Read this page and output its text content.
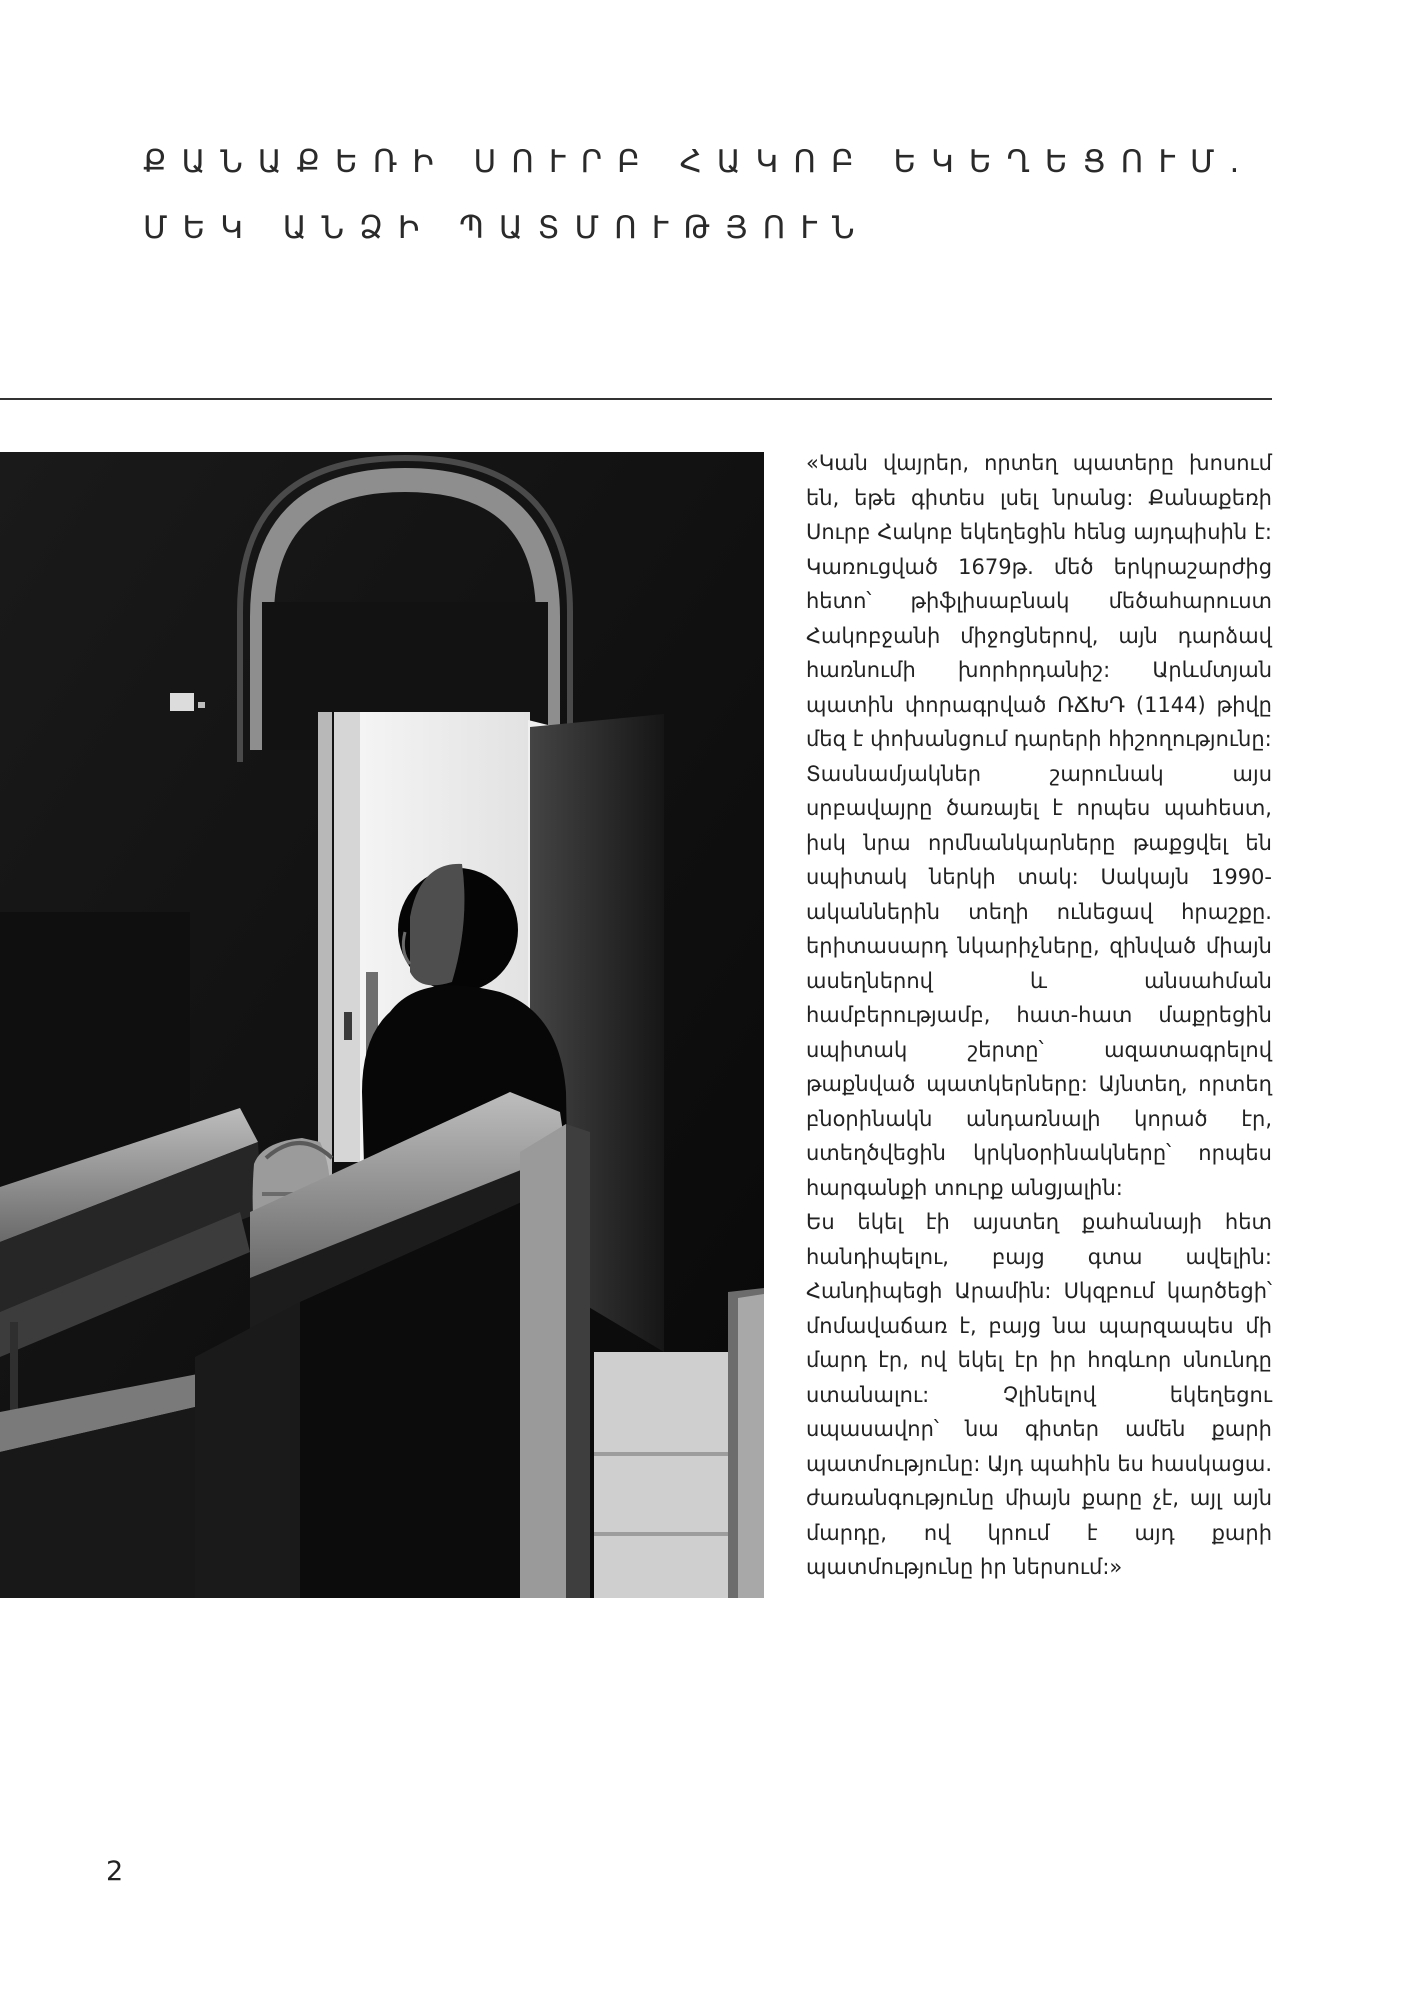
ՔԱՆԱՔԵՌԻ ՍՈՒՐԲ ՀԱԿՈԲ ԵԿԵՂԵՑՈՒՄ.
ՄԵԿ ԱՆՁԻ ՊԱՏՄՈՒԹՅՈՒՆ

«Կան վայրեր, որտեղ պատերը խոսում են, եթե գիտես լսել նրանց: Քանաքեռի Սուրբ Հակոբ եկեղեցին հենց այդպիսին է: Կառուցված 1679թ. մեծ երկրաշարժից հետո՝ թիֆլիսաբնակ մեծահարուստ Հակոբջանի միջոցներով, այն դարձավ հառնումի խորհրդանիշ: Արևմտյան պատին փորագրված ՌՃԽԴ (1144) թիվը մեզ է փոխանցում դարերի հիշողությունը:

Տասնամյակներ շարունակ այս սրբավայրը ծառայել է որպես պահեստ, իսկ նրա որմնանկարները թաքցվել են սպիտակ ներկի տակ: Սակայն 1990-ականներին տեղի ունեցավ հրաշքը. երիտասարդ նկարիչները, զինված միայն ասեղներով և անսահման համբերությամբ, հատ-հատ մաքրեցին սպիտակ շերտը՝ ազատագրելով թաքնված պատկերները: Այնտեղ, որտեղ բնօրինակն անդառնալի կորած էր, ստեղծվեցին կրկնօրինակները՝ որպես հարգանքի տուրք անցյալին:

Ես եկել էի այստեղ քահանայի հետ հանդիպելու, բայց գտա ավելին: Հանդիպեցի Արամին: Սկզբում կարծեցի՝ մոմավաճառ է, բայց նա պարզապես մի մարդ էր, ով եկել էր իր հոգևոր սնունդը ստանալու: Չլինելով եկեղեցու սպասավոր՝ նա գիտեր ամեն քարի պատմությունը: Այդ պահին ես հասկացա. ժառանգությունը միայն քարը չէ, այլ այն մարդը, ով կրում է այդ քարի պատմությունը իր ներսում:»

2
